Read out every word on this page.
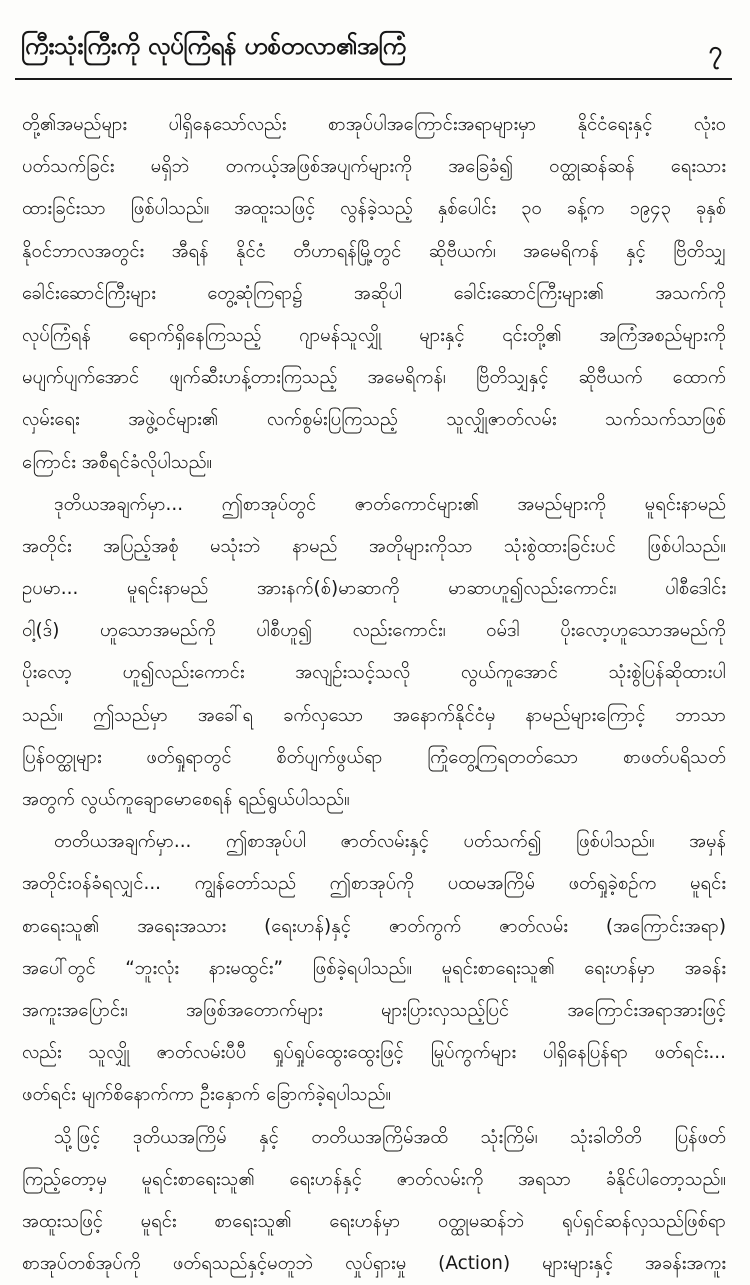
ကြီးသုံးကြီးကို လုပ်ကြံရန် ဟစ်တလာ၏အကြံ	၇
တို့၏အမည်များ ပါရှိနေသော်လည်း စာအုပ်ပါအကြောင်းအရာများမှာ နိုင်ငံရေးနှင့် လုံးဝ
ပတ်သက်ခြင်း မရှိဘဲ တကယ့်အဖြစ်အပျက်များကို အခြေခံ၍ ဝတ္ထုဆန်ဆန် ရေးသား
ထားခြင်းသာ ဖြစ်ပါသည်။ အထူးသဖြင့် လွန်ခဲ့သည့် နှစ်ပေါင်း ၃၀ ခန့်က ၁၉၄၃ ခုနှစ်
နိုဝင်ဘာလအတွင်း အီရန် နိုင်ငံ တီဟာရန်မြို့တွင် ဆိုဗီယက်၊ အမေရိကန် နှင့် ဗြိတိသျှ
ခေါင်းဆောင်ကြီးများ တွေ့ဆုံကြရာ၌ အဆိုပါ ခေါင်းဆောင်ကြီးများ၏ အသက်ကို
လုပ်ကြံရန် ရောက်ရှိနေကြသည့် ဂျာမန်သူလျှို များနှင့် ၎င်းတို့၏ အကြံအစည်များကို
မပျက်ပျက်အောင် ဖျက်ဆီးဟန့်တားကြသည့် အမေရိကန်၊ ဗြိတိသျှနှင့် ဆိုဗီယက် ထောက်
လှမ်းရေး အဖွဲ့ဝင်များ၏ လက်စွမ်းပြကြသည့် သူလျှိုဇာတ်လမ်း သက်သက်သာဖြစ်
ကြောင်း အစီရင်ခံလိုပါသည်။
ဒုတိယအချက်မှာ... ဤစာအုပ်တွင် ဇာတ်ကောင်များ၏ အမည်များကို မူရင်းနာမည်
အတိုင်း အပြည့်အစုံ မသုံးဘဲ နာမည် အတိုများကိုသာ သုံးစွဲထားခြင်းပင် ဖြစ်ပါသည်။
ဥပမာ... မူရင်းနာမည် အားနက်(စ်)မာဆာကို မာဆာဟူ၍လည်းကောင်း၊ ပါစီဒေါင်း
ဝါ့(ဒ်) ဟူသောအမည်ကို ပါစီဟူ၍ လည်းကောင်း၊ ဝမ်ဒါ ပိုးလော့ဟူသောအမည်ကို
ပိုးလော့ ဟူ၍လည်းကောင်း အလျဉ်းသင့်သလို လွယ်ကူအောင် သုံးစွဲပြန်ဆိုထားပါ
သည်။ ဤသည်မှာ အခေါ်ရ ခက်လှသော အနောက်နိုင်ငံမှ နာမည်များကြောင့် ဘာသာ
ပြန်ဝတ္ထုများ ဖတ်ရှုရာတွင် စိတ်ပျက်ဖွယ်ရာ ကြုံတွေ့ကြရတတ်သော စာဖတ်ပရိသတ်
အတွက် လွယ်ကူချောမောစေရန် ရည်ရွယ်ပါသည်။
တတိယအချက်မှာ... ဤစာအုပ်ပါ ဇာတ်လမ်းနှင့် ပတ်သက်၍ ဖြစ်ပါသည်။ အမှန်
အတိုင်းဝန်ခံရလျှင်... ကျွန်တော်သည် ဤစာအုပ်ကို ပထမအကြိမ် ဖတ်ရှုခဲ့စဉ်က မူရင်း
စာရေးသူ၏ အရေးအသား (ရေးဟန်)နှင့် ဇာတ်ကွက် ဇာတ်လမ်း (အကြောင်းအရာ)
အပေါ်တွင် “ဘူးလုံး နားမထွင်း” ဖြစ်ခဲ့ရပါသည်။ မူရင်းစာရေးသူ၏ ရေးဟန်မှာ အခန်း
အကူးအပြောင်း၊ အဖြစ်အတောက်များ များပြားလှသည့်ပြင် အကြောင်းအရာအားဖြင့်
လည်း သူလျှို ဇာတ်လမ်းပီပီ ရှုပ်ရှုပ်ထွေးထွေးဖြင့် မြုပ်ကွက်များ ပါရှိနေပြန်ရာ ဖတ်ရင်း...
ဖတ်ရင်း မျက်စိနောက်ကာ ဦးနှောက် ခြောက်ခဲ့ရပါသည်။
သို့ဖြင့် ဒုတိယအကြိမ် နှင့် တတိယအကြိမ်အထိ သုံးကြိမ်၊ သုံးခါတိတိ ပြန်ဖတ်
ကြည့်တော့မှ မူရင်းစာရေးသူ၏ ရေးဟန်နှင့် ဇာတ်လမ်းကို အရသာ ခံနိုင်ပါတော့သည်။
အထူးသဖြင့် မူရင်း စာရေးသူ၏ ရေးဟန်မှာ ဝတ္ထုမဆန်ဘဲ ရုပ်ရှင်ဆန်လှသည်ဖြစ်ရာ
စာအုပ်တစ်အုပ်ကို ဖတ်ရသည်နှင့်မတူဘဲ လှုပ်ရှားမှု (Action) များများနှင့် အခန်းအကူး
